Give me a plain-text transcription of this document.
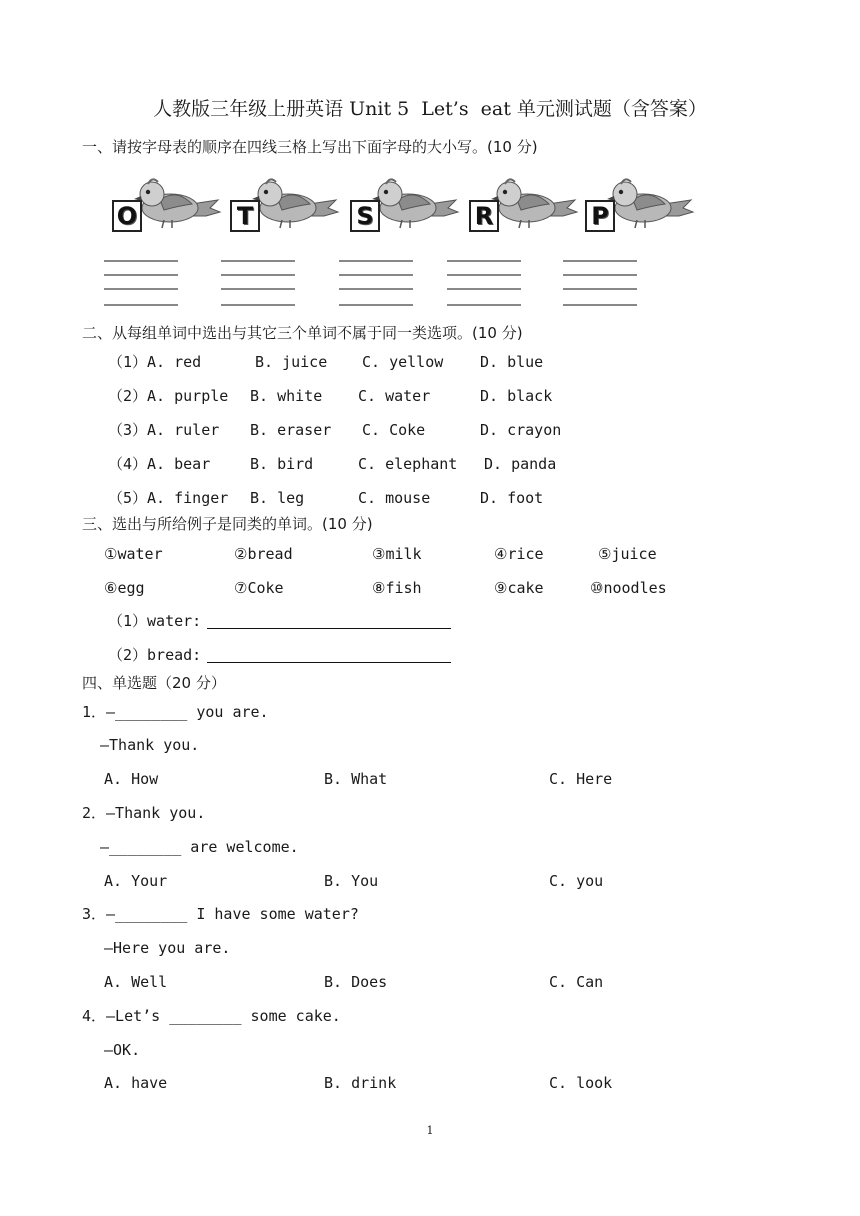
人教版三年级上册英语 Unit 5  Let’s  eat 单元测试题（含答案）
一、请按字母表的顺序在四线三格上写出下面字母的大小写。(10 分)
O	T	S	R	P
二、从每组单词中选出与其它三个单词不属于同一类选项。(10 分)
（1）A. red	B. juice C. yellow D. blue
（2）A. purple B. white C. water	D. black
（3）A. ruler B. eraser C. Coke	D. crayon
（4）A. bear	B. bird	C. elephant D. panda
（5）A. finger B. leg	C. mouse	D. foot
三、选出与所给例子是同类的单词。(10 分)
①water	②bread	③milk	④rice	⑤juice
⑥egg	⑦Coke	⑧fish	⑨cake	⑩noodles
（1）water:
（2）bread:
四、单选题（20 分）
1．—________ you are.
—Thank you.
A. How	B. What	C. Here
2．—Thank you.
—________ are welcome.
A. Your	B. You	C. you
3．—________ I have some water?
—Here you are.
A. Well	B. Does	C. Can
4．—Let’s ________ some cake.
—OK.
A. have	B. drink	C. look
1
